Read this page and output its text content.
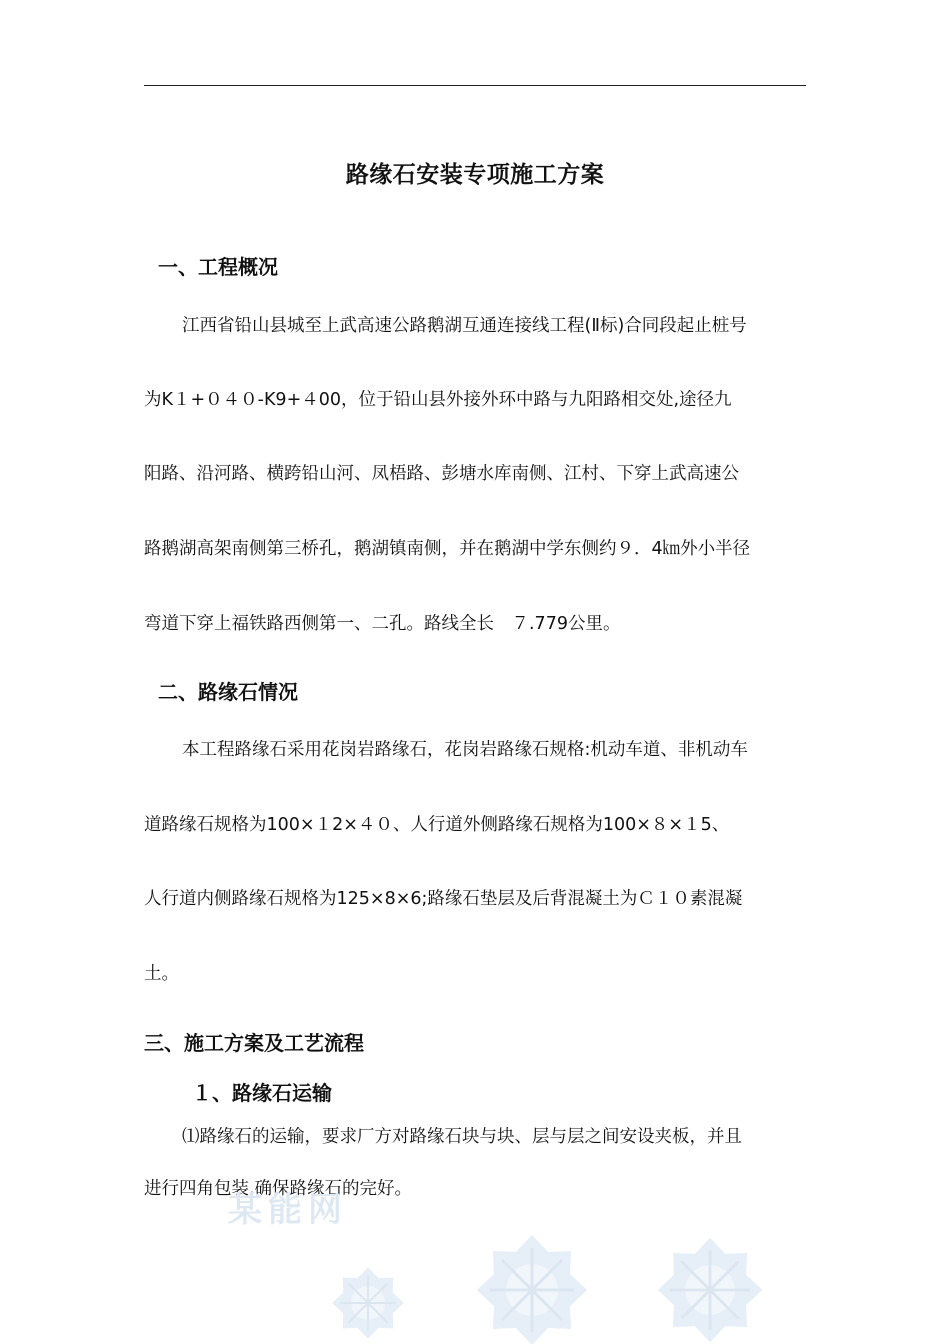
路缘石安装专项施工方案
一、工程概况
江西省铅山县城至上武高速公路鹅湖互通连接线工程(Ⅱ标)合同段起止桩号
为K１+０４０-K9+４00，位于铅山县外接外环中路与九阳路相交处,途径九
阳路、沿河路、横跨铅山河、凤梧路、彭塘水库南侧、江村、下穿上武高速公
路鹅湖高架南侧第三桥孔，鹅湖镇南侧，并在鹅湖中学东侧约９．4㎞外小半径
弯道下穿上福铁路西侧第一、二孔。路线全长　７.779公里。
二、路缘石情况
本工程路缘石采用花岗岩路缘石，花岗岩路缘石规格:机动车道、非机动车
道路缘石规格为100×１2×４０、人行道外侧路缘石规格为100×８×１5、
人行道内侧路缘石规格为125×8×6;路缘石垫层及后背混凝土为Ｃ１０素混凝
土。
三、施工方案及工艺流程
１、路缘石运输
⑴路缘石的运输，要求厂方对路缘石块与块、层与层之间安设夹板，并且
进行四角包装,确保路缘石的完好。
某能网
